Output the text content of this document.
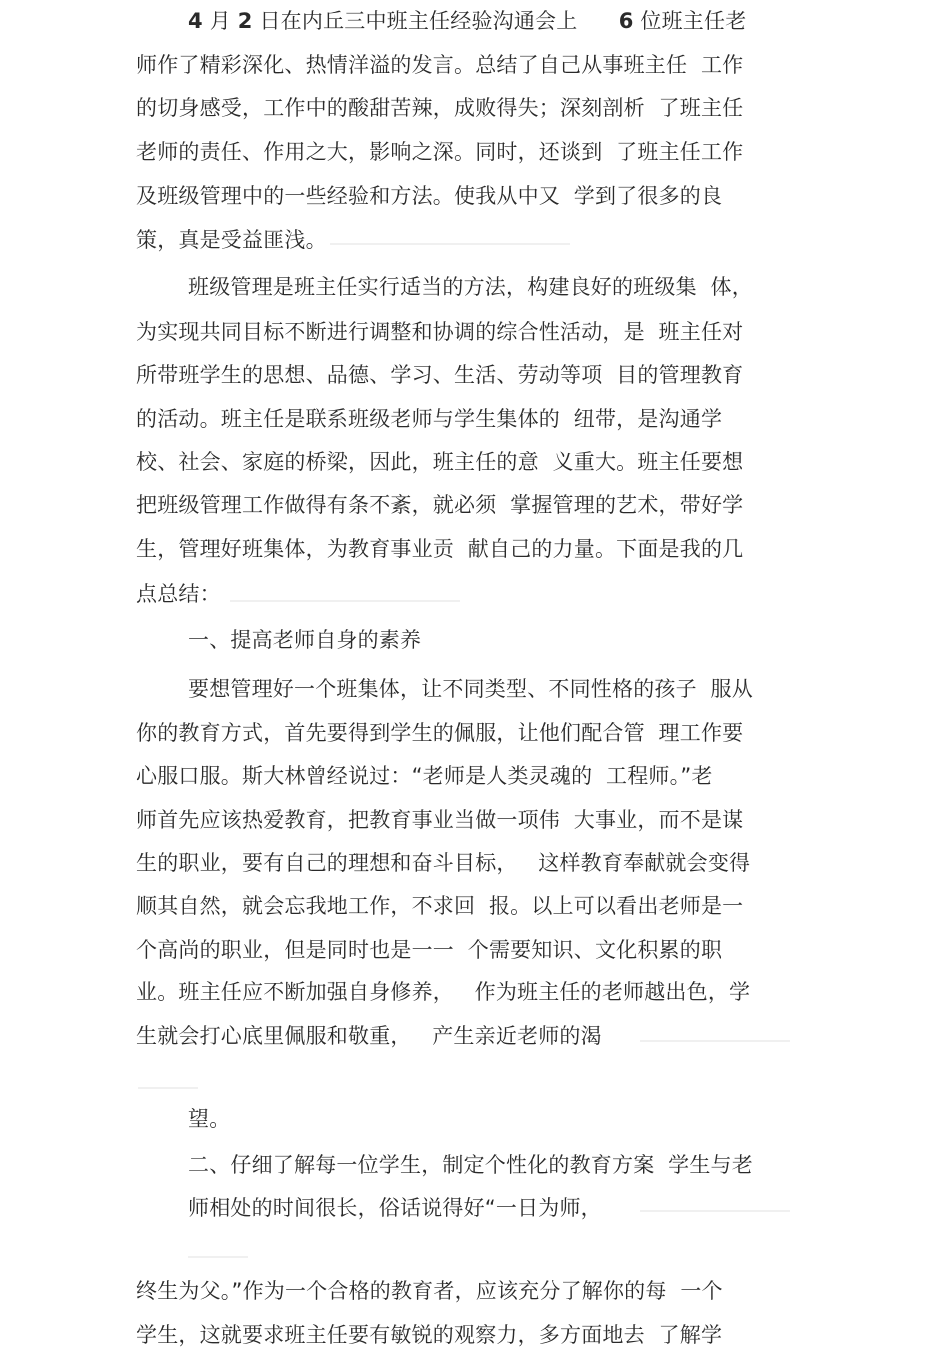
4 月 2 日在内丘三中班主任经验沟通会上      6 位班主任老
师作了精彩深化、热情洋溢的发言。总结了自己从事班主任  工作
的切身感受，工作中的酸甜苦辣，成败得失；深刻剖析  了班主任
老师的责任、作用之大，影响之深。同时，还谈到  了班主任工作
及班级管理中的一些经验和方法。使我从中又  学到了很多的良
策，真是受益匪浅。
班级管理是班主任实行适当的方法，构建良好的班级集  体，
为实现共同目标不断进行调整和协调的综合性活动，是  班主任对
所带班学生的思想、品德、学习、生活、劳动等项  目的管理教育
的活动。班主任是联系班级老师与学生集体的  纽带，是沟通学
校、社会、家庭的桥梁，因此，班主任的意  义重大。班主任要想
把班级管理工作做得有条不紊，就必须  掌握管理的艺术，带好学
生，管理好班集体，为教育事业贡  献自己的力量。下面是我的几
点总结：
一、提高老师自身的素养
要想管理好一个班集体，让不同类型、不同性格的孩子  服从
你的教育方式，首先要得到学生的佩服，让他们配合管  理工作要
心服口服。斯大林曾经说过：“老师是人类灵魂的  工程师。”老
师首先应该热爱教育，把教育事业当做一项伟  大事业，而不是谋
生的职业，要有自己的理想和奋斗目标，   这样教育奉献就会变得
顺其自然，就会忘我地工作，不求回  报。以上可以看出老师是一
个高尚的职业，但是同时也是一一  个需要知识、文化积累的职
业。班主任应不断加强自身修养，   作为班主任的老师越出色，学
生就会打心底里佩服和敬重，   产生亲近老师的渴
望。
二、仔细了解每一位学生，制定个性化的教育方案  学生与老
师相处的时间很长，俗话说得好“一日为师，
终生为父。”作为一个合格的教育者，应该充分了解你的每  一个
学生，这就要求班主任要有敏锐的观察力，多方面地去  了解学
